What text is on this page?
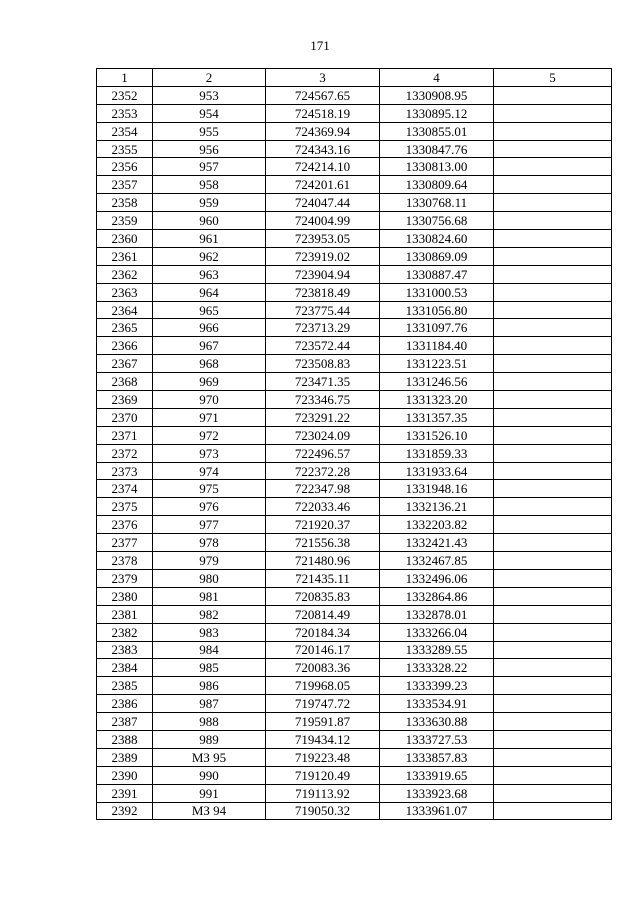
171
1	2	3	4	5
2352	953	724567.65	1330908.95	
2353	954	724518.19	1330895.12	
2354	955	724369.94	1330855.01	
2355	956	724343.16	1330847.76	
2356	957	724214.10	1330813.00	
2357	958	724201.61	1330809.64	
2358	959	724047.44	1330768.11	
2359	960	724004.99	1330756.68	
2360	961	723953.05	1330824.60	
2361	962	723919.02	1330869.09	
2362	963	723904.94	1330887.47	
2363	964	723818.49	1331000.53	
2364	965	723775.44	1331056.80	
2365	966	723713.29	1331097.76	
2366	967	723572.44	1331184.40	
2367	968	723508.83	1331223.51	
2368	969	723471.35	1331246.56	
2369	970	723346.75	1331323.20	
2370	971	723291.22	1331357.35	
2371	972	723024.09	1331526.10	
2372	973	722496.57	1331859.33	
2373	974	722372.28	1331933.64	
2374	975	722347.98	1331948.16	
2375	976	722033.46	1332136.21	
2376	977	721920.37	1332203.82	
2377	978	721556.38	1332421.43	
2378	979	721480.96	1332467.85	
2379	980	721435.11	1332496.06	
2380	981	720835.83	1332864.86	
2381	982	720814.49	1332878.01	
2382	983	720184.34	1333266.04	
2383	984	720146.17	1333289.55	
2384	985	720083.36	1333328.22	
2385	986	719968.05	1333399.23	
2386	987	719747.72	1333534.91	
2387	988	719591.87	1333630.88	
2388	989	719434.12	1333727.53	
2389	МЗ 95	719223.48	1333857.83	
2390	990	719120.49	1333919.65	
2391	991	719113.92	1333923.68	
2392	МЗ 94	719050.32	1333961.07	
